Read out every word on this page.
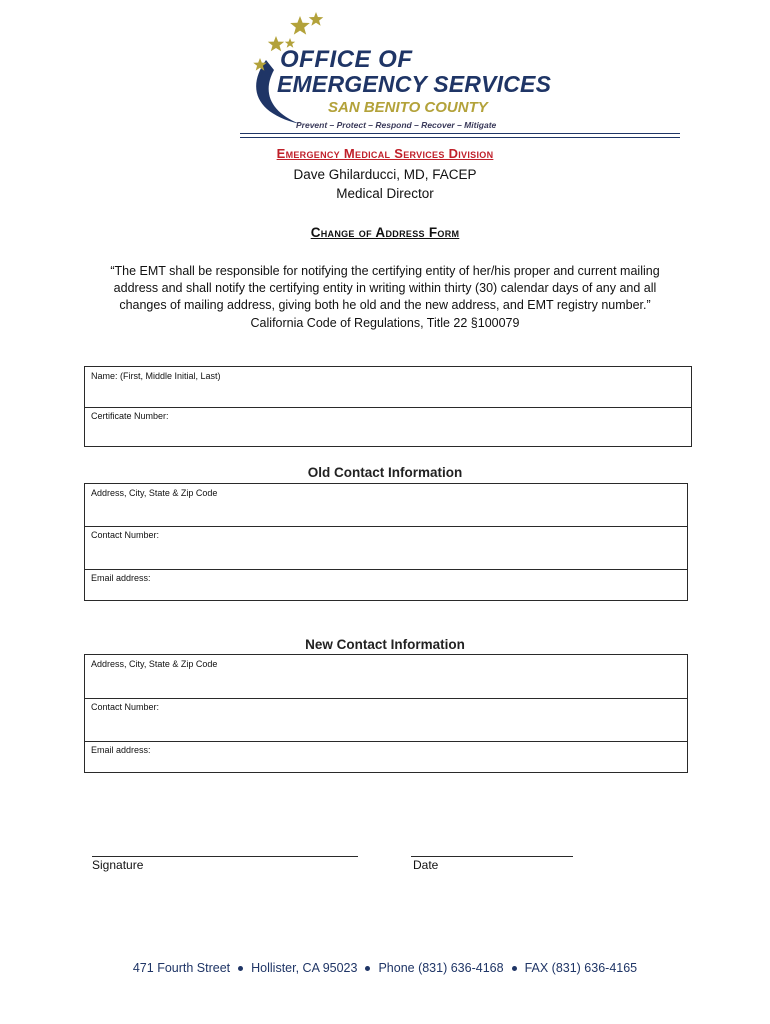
OFFICE OF
EMERGENCY SERVICES
SAN BENITO COUNTY
Prevent – Protect – Respond – Recover – Mitigate
Emergency Medical Services Division
Dave Ghilarducci, MD, FACEP
Medical Director
Change of Address Form
“The EMT shall be responsible for notifying the certifying entity of her/his proper and current mailing
address and shall notify the certifying entity in writing within thirty (30) calendar days of any and all
changes of mailing address, giving both he old and the new address, and EMT registry number.”
California Code of Regulations, Title 22 §100079
Name: (First, Middle Initial, Last)
Certificate Number:
Old Contact Information
Address, City, State & Zip Code
Contact Number:
Email address:
New Contact Information
Address, City, State & Zip Code
Contact Number:
Email address:
Signature	Date
471 Fourth Street Hollister, CA 95023 Phone (831) 636-4168 FAX (831) 636-4165
